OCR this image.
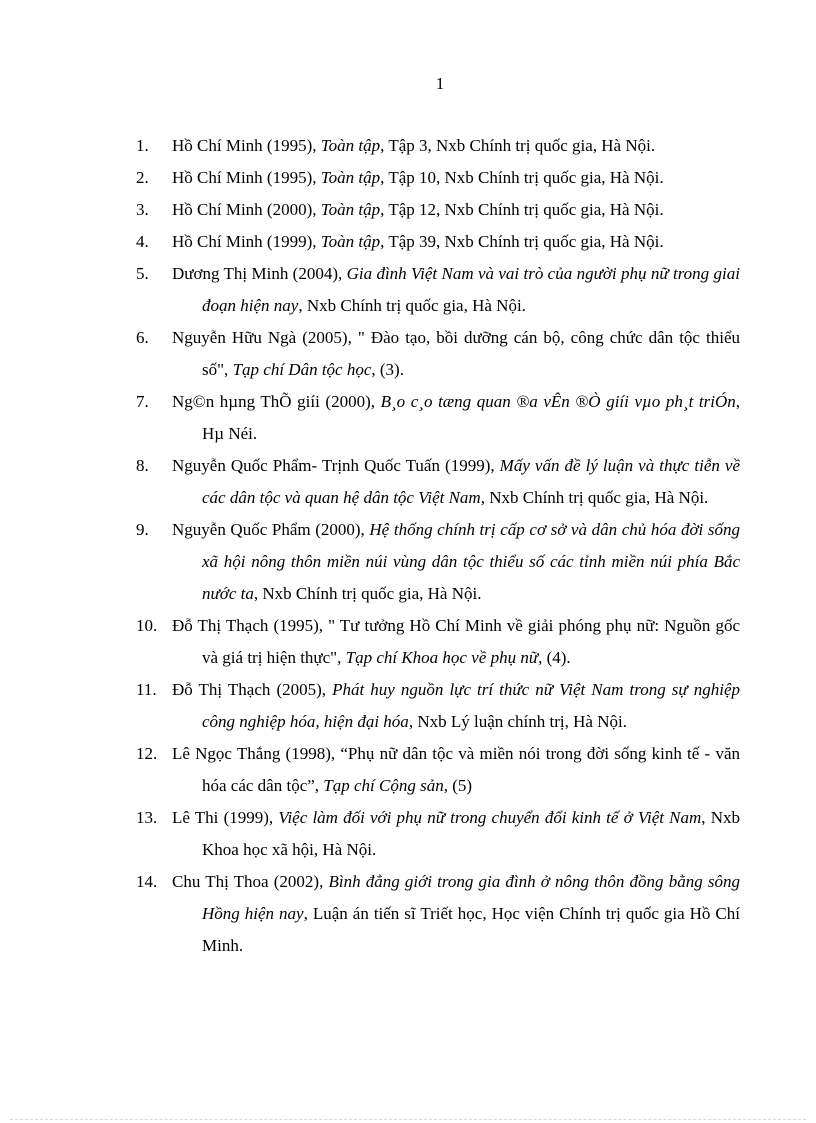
1
1. Hồ Chí Minh (1995), Toàn tập, Tập 3, Nxb Chính trị quốc gia, Hà Nội.
2. Hồ Chí Minh (1995), Toàn tập, Tập 10, Nxb Chính trị quốc gia, Hà Nội.
3. Hồ Chí Minh (2000), Toàn tập, Tập 12, Nxb Chính trị quốc gia, Hà Nội.
4. Hồ Chí Minh (1999), Toàn tập, Tập 39, Nxb Chính trị quốc gia, Hà Nội.
5. Dương Thị Minh (2004), Gia đình Việt Nam và vai trò của người phụ nữ trong giai đoạn hiện nay, Nxb Chính trị quốc gia, Hà Nội.
6. Nguyễn Hữu Ngà (2005), " Đào tạo, bồi dưỡng cán bộ, công chức dân tộc thiểu số", Tạp chí Dân tộc học, (3).
7. Ng©n hµng ThÕ giíi (2000), B¸o c¸o tæng quan ®a vÊn ®Ò giíi vµo ph¸t triÓn, Hµ Néi.
8. Nguyễn Quốc Phẩm- Trịnh Quốc Tuấn (1999), Mấy vấn đề lý luận và thực tiễn về các dân tộc và quan hệ dân tộc Việt Nam, Nxb Chính trị quốc gia, Hà Nội.
9. Nguyễn Quốc Phẩm (2000), Hệ thống chính trị cấp cơ sở và dân chủ hóa đời sống xã hội nông thôn miền núi vùng dân tộc thiểu số các tỉnh miền núi phía Bắc nước ta, Nxb Chính trị quốc gia, Hà Nội.
10. Đỗ Thị Thạch (1995), " Tư tưởng Hồ Chí Minh về giải phóng phụ nữ: Nguồn gốc và giá trị hiện thực", Tạp chí Khoa học về phụ nữ, (4).
11. Đỗ Thị Thạch (2005), Phát huy nguồn lực trí thức nữ Việt Nam trong sự nghiệp công nghiệp hóa, hiện đại hóa, Nxb Lý luận chính trị, Hà Nội.
12. Lê Ngọc Thắng (1998), “Phụ nữ dân tộc và miền nói trong đời sống kinh tế - văn hóa các dân tộc”, Tạp chí Cộng sản, (5)
13. Lê Thi (1999), Việc làm đối với phụ nữ trong chuyển đổi kinh tế ở Việt Nam, Nxb Khoa học xã hội, Hà Nội.
14. Chu Thị Thoa (2002), Bình đẳng giới trong gia đình ở nông thôn đồng bằng sông Hồng hiện nay, Luận án tiến sĩ Triết học, Học viện Chính trị quốc gia Hồ Chí Minh.
